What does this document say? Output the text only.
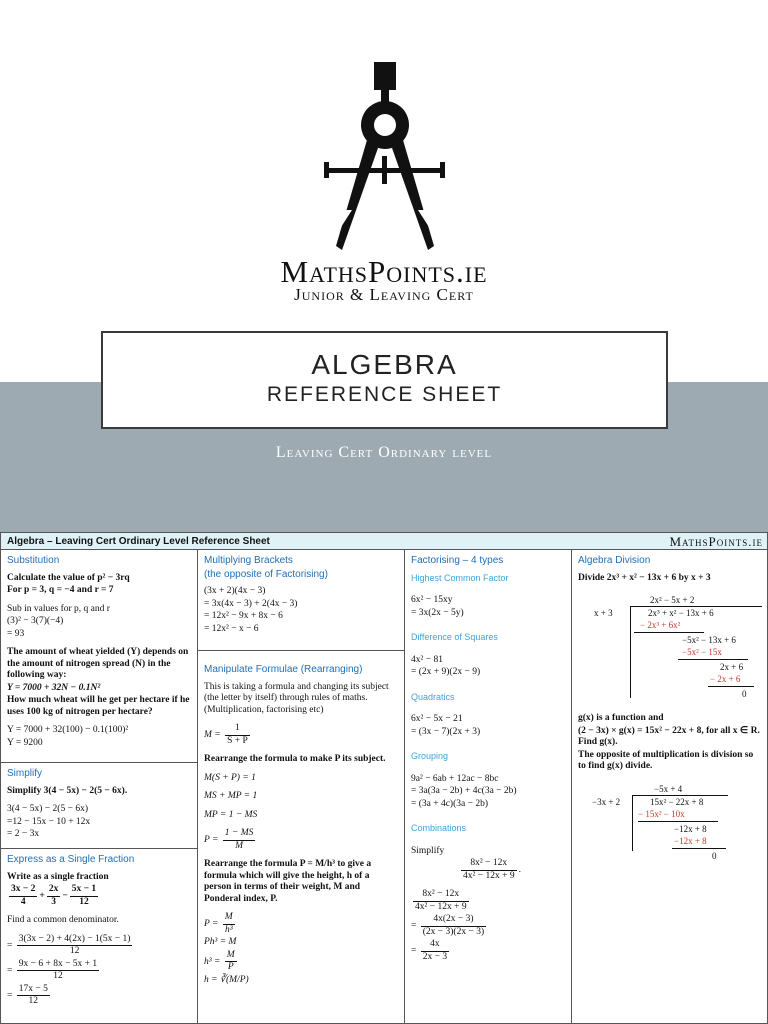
MathsPoints.ie
Junior & Leaving Cert
ALGEBRA
REFERENCE SHEET
Leaving Cert Ordinary level
Algebra – Leaving Cert Ordinary Level Reference Sheet	MathsPoints.ie
Substitution

Calculate the value of p² − 3rq

For p = 3, q = −4 and r = 7

Sub in values for p, q and r

(3)² − 3(7)(−4)

= 93

The amount of wheat yielded (Y) depends on the amount of nitrogen spread (N) in the following way:

Y = 7000 + 32N − 0.1N²

How much wheat will he get per hectare if he uses 100 kg of nitrogen per hectare?

Y = 7000 + 32(100) − 0.1(100)²

Y = 9200

Simplify

Simplify 3(4 − 5x) − 2(5 − 6x).

3(4 − 5x) − 2(5 − 6x)

=12 − 15x − 10 + 12x

= 2 − 3x

Express as a Single Fraction

Write as a single fraction

$\frac{3x - 2}{4} + \frac{2x}{3} - \frac{5x - 1}{12}$

Find a common denominator.

= $\frac{3(3x - 2) + 4(2x) - 1(5x - 1)}{12}$

= $\frac{9x - 6 + 8x - 5x + 1}{12}$

= $\frac{17x - 5}{12}$

Multiplying Brackets
(the opposite of Factorising)

(3x + 2)(4x − 3)

= 3x(4x − 3) + 2(4x − 3)

= 12x² − 9x + 8x − 6

= 12x² − x − 6

Manipulate Formulae (Rearranging)

This is taking a formula and changing its subject (the letter by itself) through rules of maths. (Multiplication, factorising etc)

$M = \frac{1}{S + P}$

Rearrange the formula to make P its subject.

M(S + P) = 1

MS + MP = 1

MP = 1 − MS

$P = \frac{1 - MS}{M}$

Rearrange the formula P = M/h³ to give a formula which will give the height, h of a person in terms of their weight, M and Ponderal index, P.

$P = \frac{M}{\text{h³}}$

Ph³ = M

$h^3 = \frac{M}{P}$

h = ∛(M/P)

Factorising – 4 types
Highest Common Factor

6x² − 15xy

= 3x(2x − 5y)

Difference of Squares

4x² − 81

= (2x + 9)(2x − 9)

Quadratics

6x² − 5x − 21

= (3x − 7)(2x + 3)

Grouping

9a² − 6ab + 12ac − 8bc

= 3a(3a − 2b) + 4c(3a − 2b)

= (3a + 4c)(3a − 2b)

Combinations

Simplify

$\frac{\text{8x² − 12x}}{\text{4x² − 12x + 9}}$ .

$\frac{\text{8x² − 12x}}{\text{4x² − 12x + 9}}$

= $\frac{4x(2x - 3)}{(2x - 3)(2x - 3)}$

= $\frac{4x}{2x - 3}$

Algebra Division

Divide 2x³ + x² − 13x + 6 by x + 3

2x² − 5x + 2
x + 3	2x³ + x² − 13x + 6
− 2x³ + 6x²
−5x² − 13x + 6
−5x² − 15x
2x + 6
− 2x + 6
0

g(x) is a function and

(2 − 3x) × g(x) = 15x² − 22x + 8, for all x ∈ R. Find g(x).

The opposite of multiplication is division so to find g(x) divide.

−5x + 4
−3x + 2	15x² − 22x + 8
− 15x² − 10x
−12x + 8
−12x + 8
0
